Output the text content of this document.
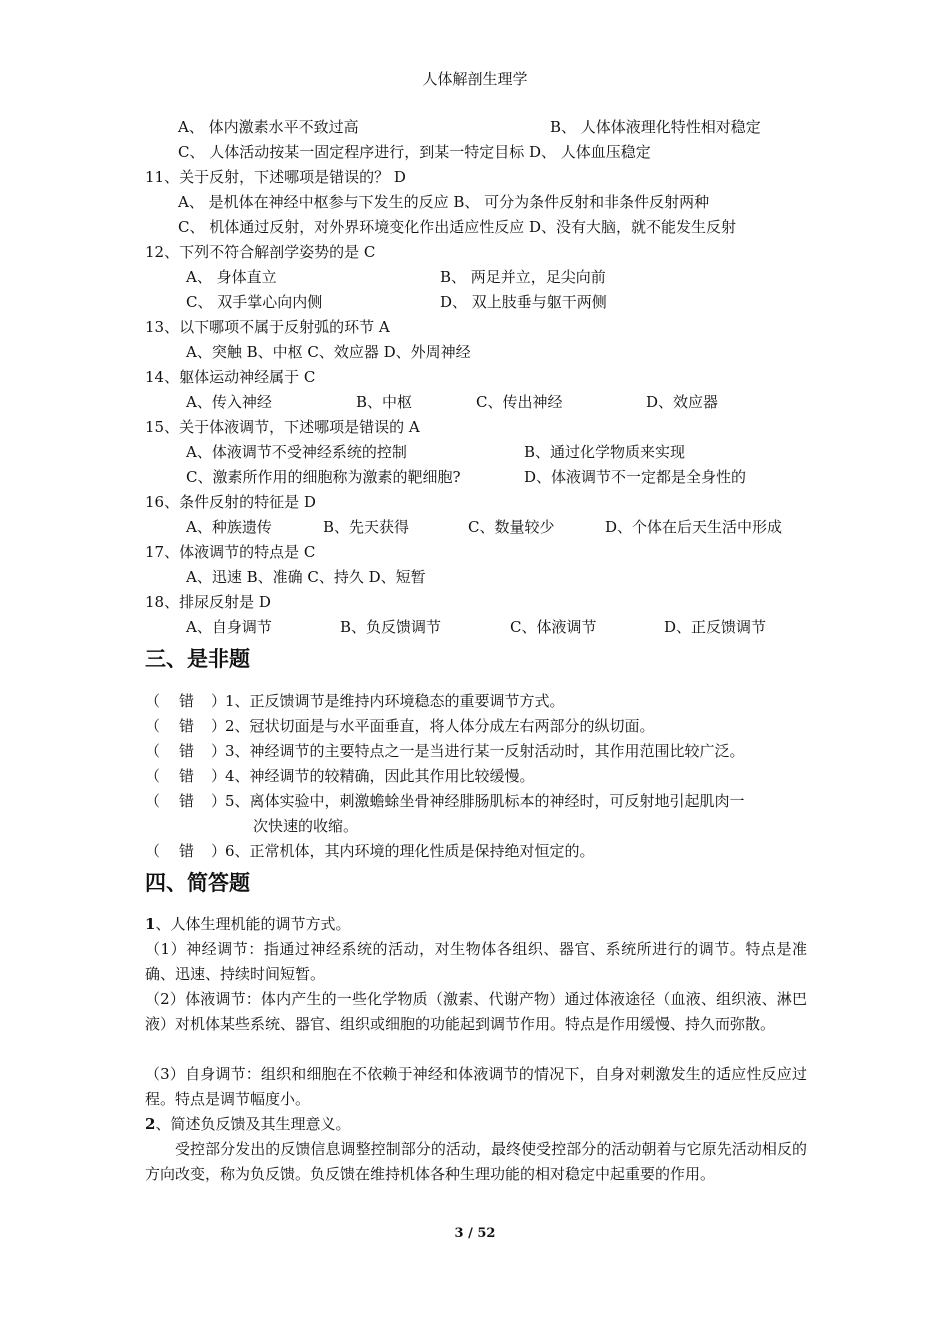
人体解剖生理学
A、 体内激素水平不致过高	B、 人体体液理化特性相对稳定
C、 人体活动按某一固定程序进行，到某一特定目标 D、 人体血压稳定
11、关于反射，下述哪项是错误的？ D
A、 是机体在神经中枢参与下发生的反应 B、 可分为条件反射和非条件反射两种
C、 机体通过反射，对外界环境变化作出适应性反应 D、没有大脑，就不能发生反射
12、下列不符合解剖学姿势的是 C
A、 身体直立	B、 两足并立，足尖向前
C、 双手掌心向内侧	D、 双上肢垂与躯干两侧
13、以下哪项不属于反射弧的环节 A
A、突触 B、中枢 C、效应器 D、外周神经
14、躯体运动神经属于 C
A、传入神经	B、中枢	C、传出神经	D、效应器
15、关于体液调节，下述哪项是错误的 A
A、体液调节不受神经系统的控制	B、通过化学物质来实现
C、激素所作用的细胞称为激素的靶细胞?	D、体液调节不一定都是全身性的
16、条件反射的特征是 D
A、种族遗传	B、先天获得	C、数量较少	D、个体在后天生活中形成
17、体液调节的特点是 C
A、迅速 B、准确 C、持久 D、短暂
18、排尿反射是 D
A、自身调节	B、负反馈调节	C、体液调节	D、正反馈调节
三、是非题
（ 错 ）
1、正反馈调节是维持内环境稳态的重要调节方式。
（ 错 ）
2、冠状切面是与水平面垂直，将人体分成左右两部分的纵切面。
（ 错 ）
3、神经调节的主要特点之一是当进行某一反射活动时，其作用范围比较广泛。
（ 错 ）
4、神经调节的较精确，因此其作用比较缓慢。
（ 错 ）
5、离体实验中，刺激蟾蜍坐骨神经腓肠肌标本的神经时，可反射地引起肌肉一
次快速的收缩。
（ 错 ）
6、正常机体，其内环境的理化性质是保持绝对恒定的。
四、简答题
1、人体生理机能的调节方式。
（1）神经调节：指通过神经系统的活动，对生物体各组织、器官、系统所进行的调节。特点是准确、迅速、持续时间短暂。
（2）体液调节：体内产生的一些化学物质（激素、代谢产物）通过体液途径（血液、组织液、淋巴液）对机体某些系统、器官、组织或细胞的功能起到调节作用。特点是作用缓慢、持久而弥散。
（3）自身调节：组织和细胞在不依赖于神经和体液调节的情况下，自身对刺激发生的适应性反应过程。特点是调节幅度小。
2、简述负反馈及其生理意义。
受控部分发出的反馈信息调整控制部分的活动，最终使受控部分的活动朝着与它原先活动相反的方向改变，称为负反馈。负反馈在维持机体各种生理功能的相对稳定中起重要的作用。
3 / 52
